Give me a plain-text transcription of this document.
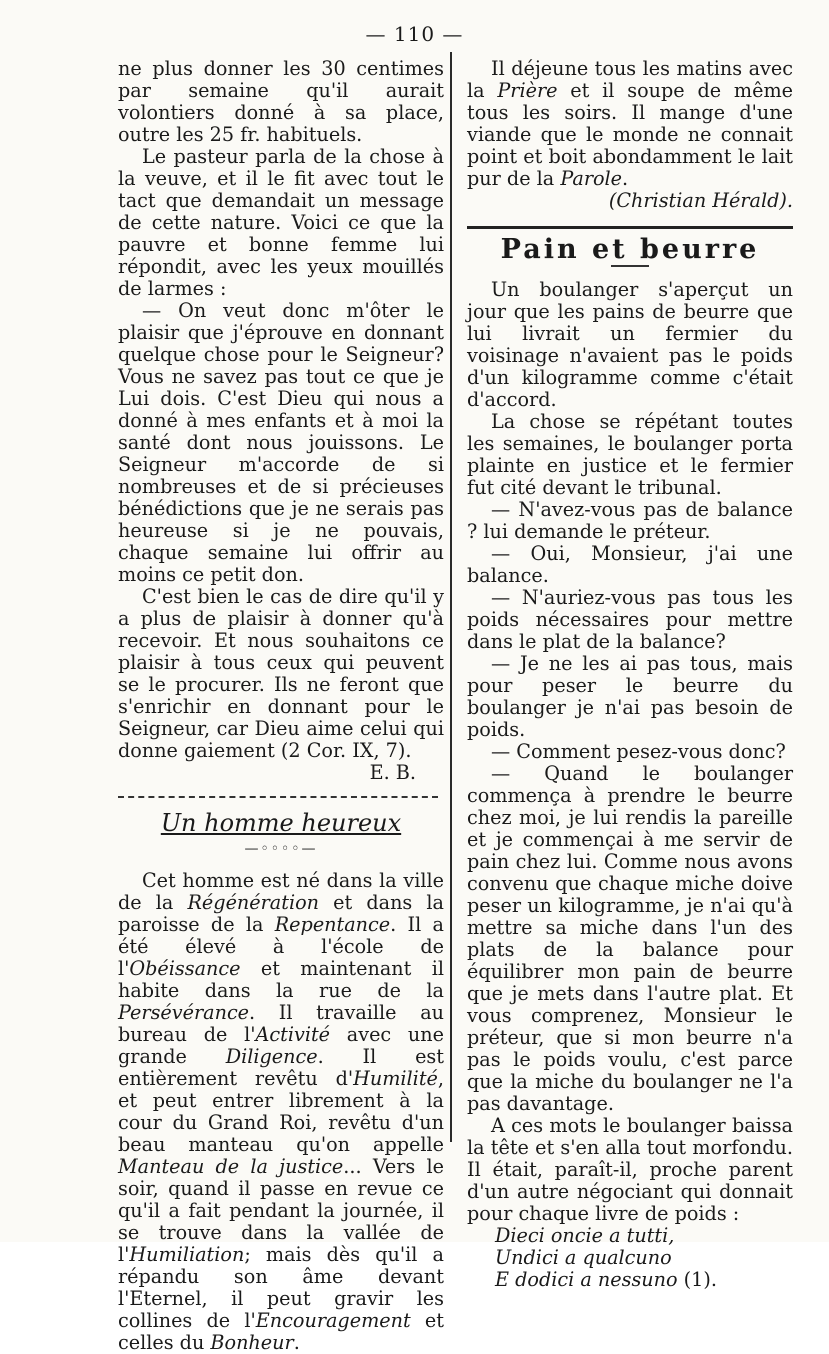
— 110 —

ne plus donner les 30 centimes par semaine qu'il aurait volontiers donné à sa place, outre les 25 fr. habituels.

Le pasteur parla de la chose à la veuve, et il le fit avec tout le tact que demandait un message de cette nature. Voici ce que la pauvre et bonne femme lui répondit, avec les yeux mouillés de larmes :

— On veut donc m'ôter le plaisir que j'éprouve en donnant quelque chose pour le Seigneur? Vous ne savez pas tout ce que je Lui dois. C'est Dieu qui nous a donné à mes enfants et à moi la santé dont nous jouissons. Le Seigneur m'accorde de si nombreuses et de si précieuses bénédictions que je ne serais pas heureuse si je ne pouvais, chaque semaine lui offrir au moins ce petit don.

C'est bien le cas de dire qu'il y a plus de plaisir à donner qu'à recevoir. Et nous souhaitons ce plaisir à tous ceux qui peuvent se le procurer. Ils ne feront que s'enrichir en donnant pour le Seigneur, car Dieu aime celui qui donne gaiement (2 Cor. IX, 7).

E. B.

Un homme heureux
—◦◦◦◦—

Cet homme est né dans la ville de la Régénération et dans la paroisse de la Repentance. Il a été élevé à l'école de l'Obéissance et maintenant il habite dans la rue de la Persévérance. Il travaille au bureau de l'Activité avec une grande Diligence. Il est entièrement revêtu d'Humilité, et peut entrer librement à la cour du Grand Roi, revêtu d'un beau manteau qu'on appelle Manteau de la justice... Vers le soir, quand il passe en revue ce qu'il a fait pendant la journée, il se trouve dans la vallée de l'Humiliation; mais dès qu'il a répandu son âme devant l'Eternel, il peut gravir les collines de l'Encouragement et celles du Bonheur.

Il déjeune tous les matins avec la Prière et il soupe de même tous les soirs. Il mange d'une viande que le monde ne connait point et boit abondamment le lait pur de la Parole.

(Christian Hérald).

Pain et beurre

Un boulanger s'aperçut un jour que les pains de beurre que lui livrait un fermier du voisinage n'avaient pas le poids d'un kilogramme comme c'était d'accord.

La chose se répétant toutes les semaines, le boulanger porta plainte en justice et le fermier fut cité devant le tribunal.

— N'avez-vous pas de balance ? lui demande le préteur.

— Oui, Monsieur, j'ai une balance.

— N'auriez-vous pas tous les poids nécessaires pour mettre dans le plat de la balance?

— Je ne les ai pas tous, mais pour peser le beurre du boulanger je n'ai pas besoin de poids.

— Comment pesez-vous donc?

— Quand le boulanger commença à prendre le beurre chez moi, je lui rendis la pareille et je commençai à me servir de pain chez lui. Comme nous avons convenu que chaque miche doive peser un kilogramme, je n'ai qu'à mettre sa miche dans l'un des plats de la balance pour équilibrer mon pain de beurre que je mets dans l'autre plat. Et vous comprenez, Monsieur le préteur, que si mon beurre n'a pas le poids voulu, c'est parce que la miche du boulanger ne l'a pas davantage.

A ces mots le boulanger baissa la tête et s'en alla tout morfondu. Il était, paraît-il, proche parent d'un autre négociant qui donnait pour chaque livre de poids :

Dieci oncie a tutti,
Undici a qualcuno
E dodici a nessuno (1).
